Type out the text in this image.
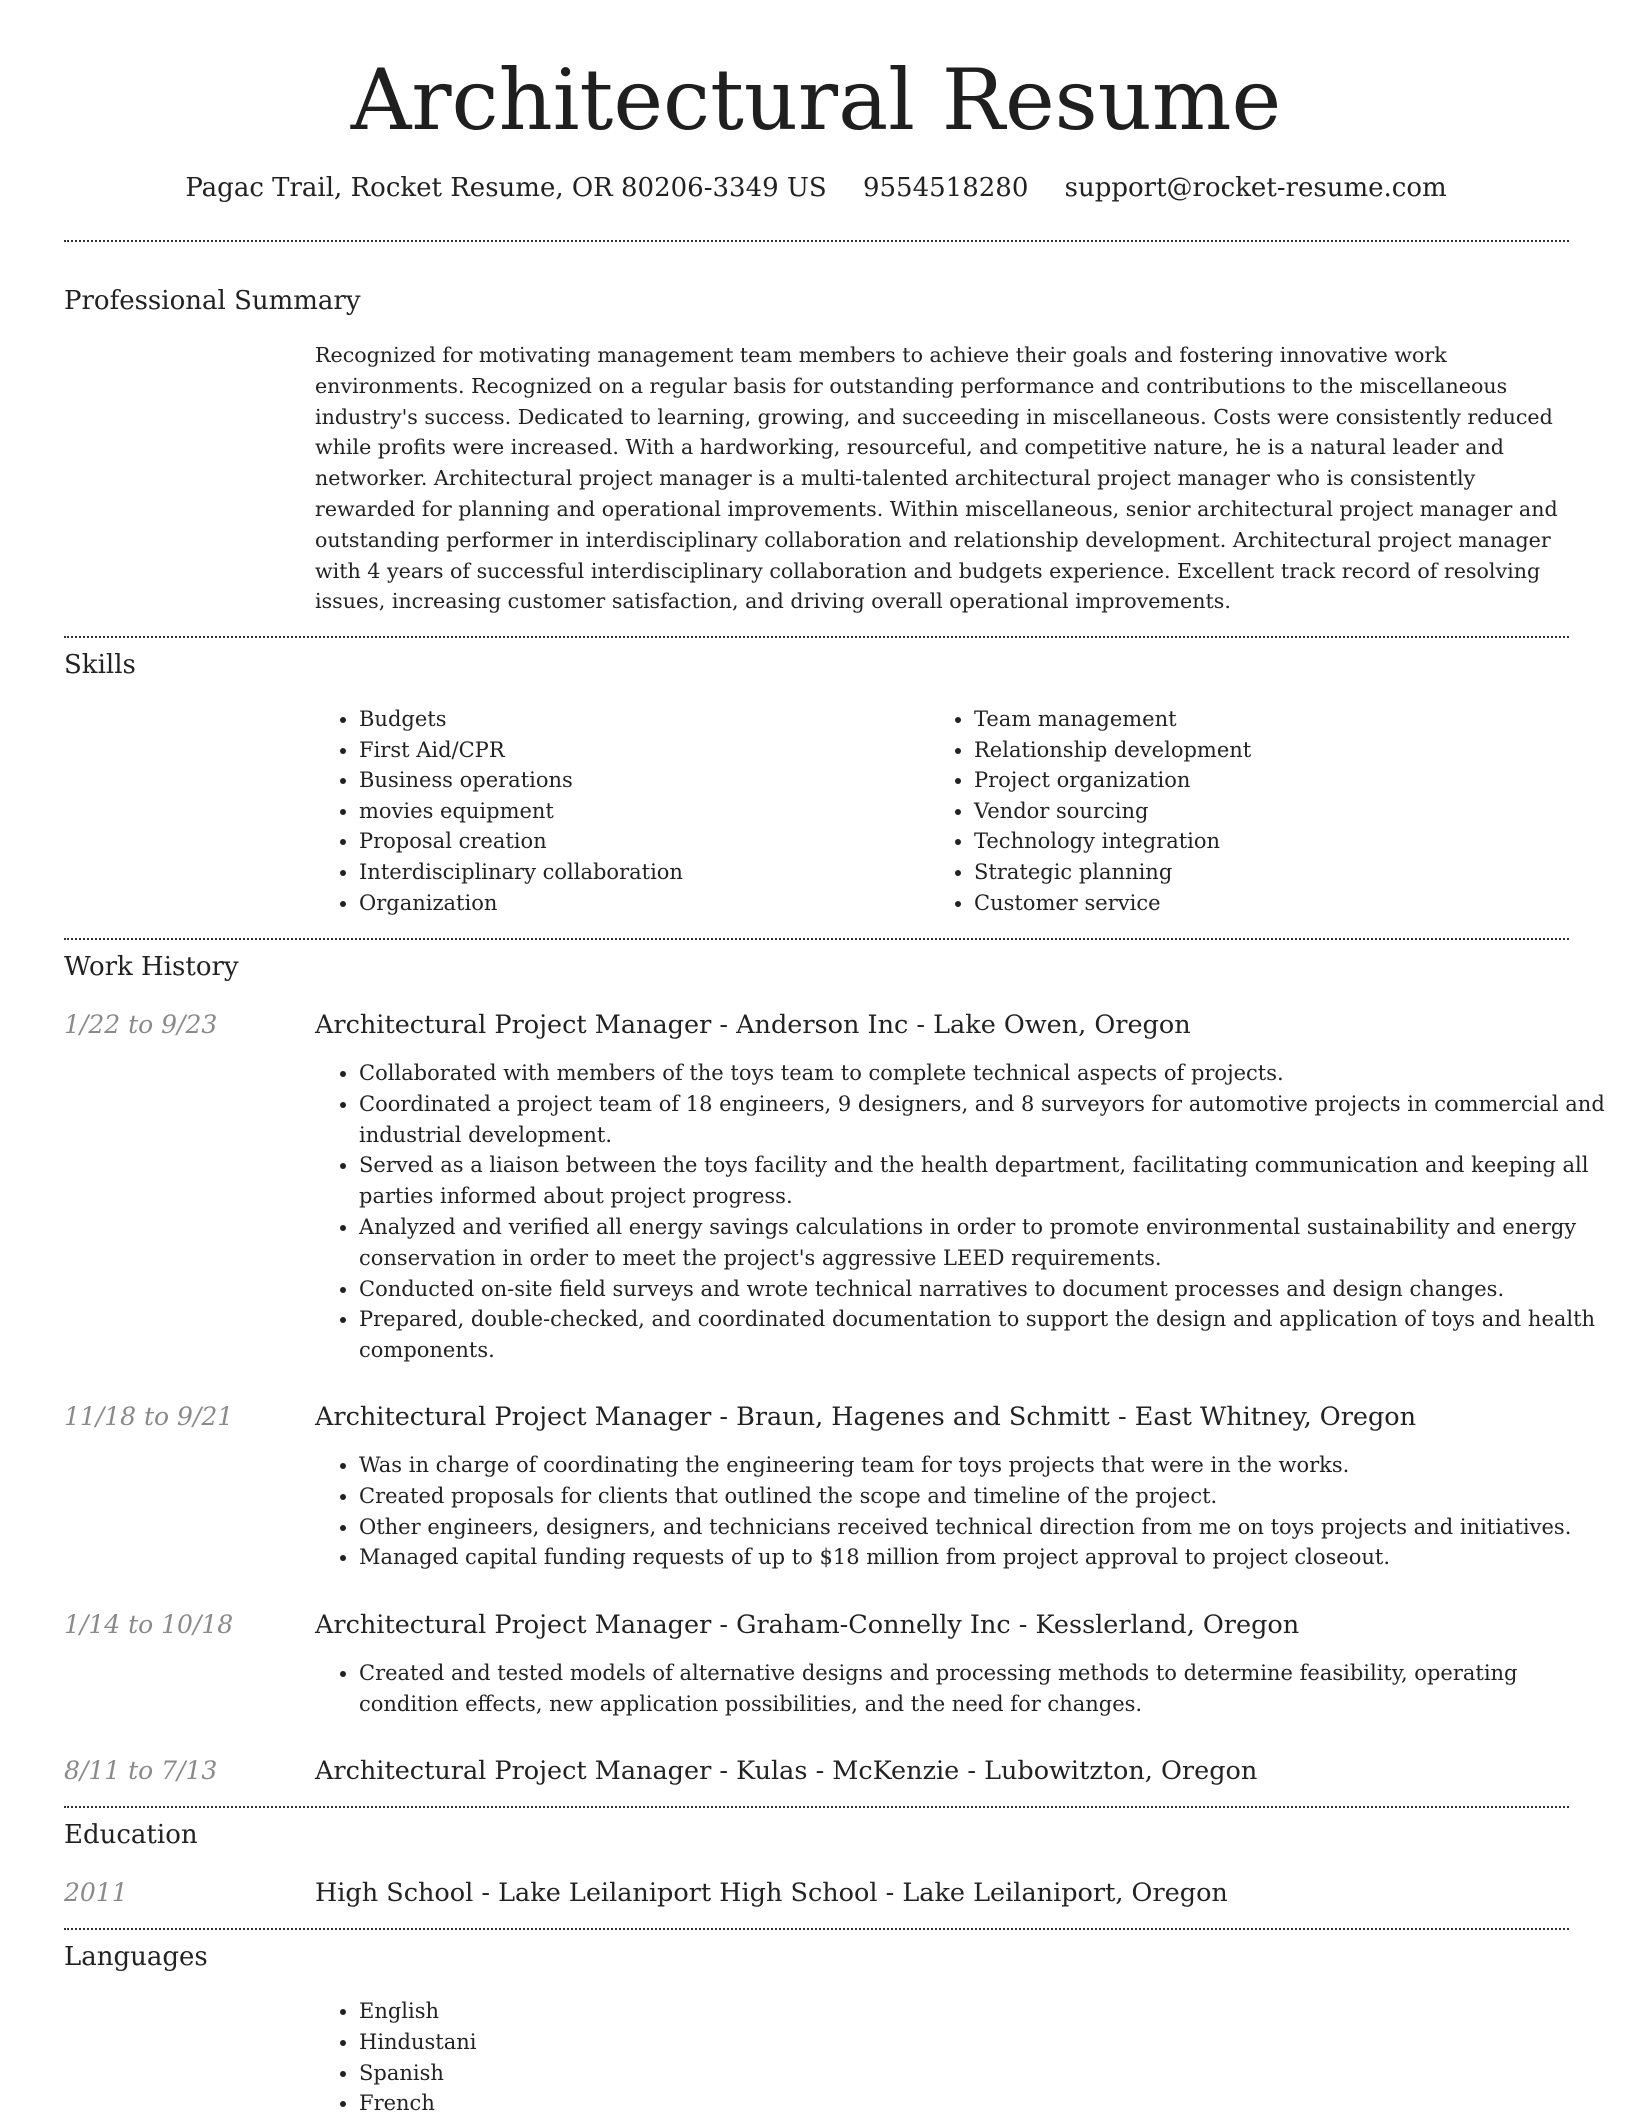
Architectural Resume
Pagac Trail, Rocket Resume, OR 80206-3349 US 9554518280 support@rocket-resume.com
Professional Summary

Recognized for motivating management team members to achieve their goals and fostering innovative work environments. Recognized on a regular basis for outstanding performance and contributions to the miscellaneous industry's success. Dedicated to learning, growing, and succeeding in miscellaneous. Costs were consistently reduced while profits were increased. With a hardworking, resourceful, and competitive nature, he is a natural leader and networker. Architectural project manager is a multi-talented architectural project manager who is consistently rewarded for planning and operational improvements. Within miscellaneous, senior architectural project manager and outstanding performer in interdisciplinary collaboration and relationship development. Architectural project manager with 4 years of successful interdisciplinary collaboration and budgets experience. Excellent track record of resolving issues, increasing customer satisfaction, and driving overall operational improvements.

Skills
• Budgets
• First Aid/CPR
• Business operations
• movies equipment
• Proposal creation
• Interdisciplinary collaboration
• Organization
• Team management
• Relationship development
• Project organization
• Vendor sourcing
• Technology integration
• Strategic planning
• Customer service
Work History
1/22 to 9/23	Architectural Project Manager - Anderson Inc - Lake Owen, Oregon
• Collaborated with members of the toys team to complete technical aspects of projects.
• Coordinated a project team of 18 engineers, 9 designers, and 8 surveyors for automotive projects in commercial and industrial development.
• Served as a liaison between the toys facility and the health department, facilitating communication and keeping all parties informed about project progress.
• Analyzed and verified all energy savings calculations in order to promote environmental sustainability and energy conservation in order to meet the project's aggressive LEED requirements.
• Conducted on-site field surveys and wrote technical narratives to document processes and design changes.
• Prepared, double-checked, and coordinated documentation to support the design and application of toys and health components.
11/18 to 9/21	Architectural Project Manager - Braun, Hagenes and Schmitt - East Whitney, Oregon
• Was in charge of coordinating the engineering team for toys projects that were in the works.
• Created proposals for clients that outlined the scope and timeline of the project.
• Other engineers, designers, and technicians received technical direction from me on toys projects and initiatives.
• Managed capital funding requests of up to $18 million from project approval to project closeout.
1/14 to 10/18	Architectural Project Manager - Graham-Connelly Inc - Kesslerland, Oregon
• Created and tested models of alternative designs and processing methods to determine feasibility, operating condition effects, new application possibilities, and the need for changes.
8/11 to 7/13	Architectural Project Manager - Kulas - McKenzie - Lubowitzton, Oregon
Education
2011	High School - Lake Leilaniport High School - Lake Leilaniport, Oregon
Languages
• English
• Hindustani
• Spanish
• French
